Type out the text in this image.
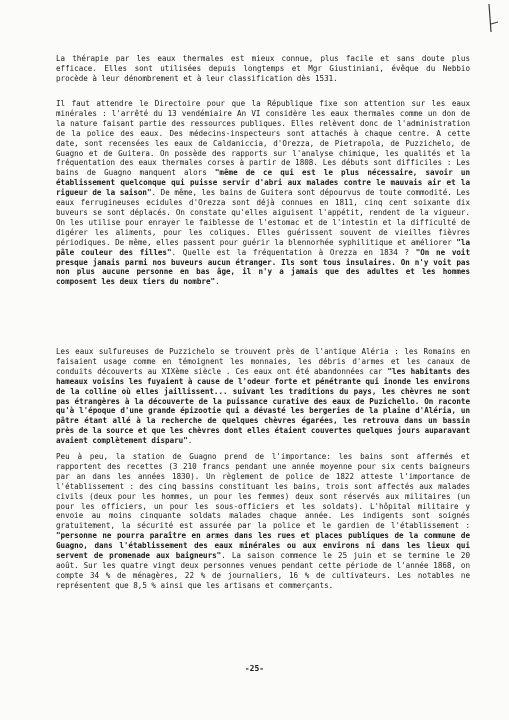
La thérapie par les eaux thermales est mieux connue, plus facile et sans doute plus efficace. Elles sont utilisées depuis longtemps et Mgr Giustiniani, évêque du Nebbio procède à leur dénombrement et à leur classification dès 1531.

Il faut attendre le Directoire pour que la République fixe son attention sur les eaux minérales : l'arrêté du 13 vendémiaire An VI considère les eaux thermales comme un don de la nature faisant partie des ressources publiques. Elles relèvent donc de l'administration de la police des eaux. Des médecins-inspecteurs sont attachés à chaque centre. A cette date, sont recensées les eaux de Caldaniccia, d'Orezza, de Pietrapola, de Puzzichelo, de Guagno et de Guitera. On possède des rapports sur l'analyse chimique, les qualités et la fréquentation des eaux thermales corses à partir de 1808. Les débuts sont difficiles : Les bains de Guagno manquent alors "même de ce qui est le plus nécessaire, savoir un établissement quelconque qui puisse servir d'abri aux malades contre le mauvais air et la rigueur de la saison". De même, les bains de Guitera sont dépourvus de toute commodité. Les eaux ferrugineuses ecidules d'Orezza sont déjà connues en 1811, cinq cent soixante dix buveurs se sont déplacés. On constate qu'elles aiguisent l'appétit, rendent de la vigueur. On les utilise pour enrayer le faiblesse de l'estomac et de l'intestin et la difficulté de digérer les aliments, pour les coliques. Elles guérissent souvent de vieilles fièvres périodiques. De même, elles passent pour guérir la blennorhée syphilitique et améliorer "la pâle couleur des filles". Quelle est la fréquentation à Orezza en 1834 ? "On ne voit presque jamais parmi nos buveurs aucun étranger. Ils sont tous insulaires. On n'y voit pas non plus aucune personne en bas âge, il n'y a jamais que des adultes et les hommes composent les deux tiers du nombre".

Les eaux sulfureuses de Puzzichelo se trouvent près de l'antique Aléria : les Romains en faisaient usage comme en témoignent les monnaies, les débris d'armes et les canaux de conduits découverts au XIXème siècle . Ces eaux ont été abandonnées car "les habitants des hameaux voisins les fuyaient à cause de l'odeur forte et pénétrante qui inonde les environs de la colline où elles jaillissent... suivant les traditions du pays, les chèvres ne sont pas étrangères à la découverte de la puissance curative des eaux de Puzichello. On raconte qu'à l'époque d'une grande épizootie qui a dévasté les bergeries de la plaine d'Aléria, un pâtre étant allé à la recherche de quelques chèvres égarées, les retrouva dans un bassin près de la source et que les chèvres dont elles étaient couvertes quelques jours auparavant avaient complètement disparu".

Peu à peu, la station de Guagno prend de l'importance: les bains sont affermés et rapportent des recettes (3 210 francs pendant une année moyenne pour six cents baigneurs par an dans les années 1830). Un règlement de police de 1822 atteste l'importance de l'établissement : des cinq bassins constituant les bains, trois sont affectés aux malades civils (deux pour les hommes, un pour les femmes) deux sont réservés aux militaires (un pour les officiers, un pour les sous-officiers et les soldats). L'hôpital militaire y envoie au moins cinquante soldats malades chaque année. Les indigents sont soignés gratuitement, la sécurité est assurée par la police et le gardien de l'établissement : "personne ne pourra paraître en armes dans les rues et places publiques de la commune de Guagno, dans l'établissement des eaux minérales ou aux environs ni dans les lieux qui servent de promenade aux baigneurs". La saison commence le 25 juin et se termine le 20 août. Sur les quatre vingt deux personnes venues pendant cette période de l'année 1868, on compte 34 % de ménagères, 22 % de journaliers, 16 % de cultivateurs. Les notables ne représentent que 8,5 % ainsi que les artisans et commerçants.

-25-
